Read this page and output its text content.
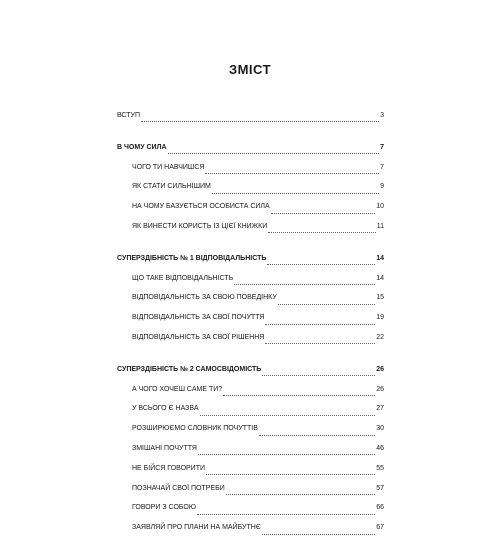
ЗМІСТ
ВСТУП	3
В ЧОМУ СИЛА	7
ЧОГО ТИ НАВЧИШСЯ	7
ЯК СТАТИ СИЛЬНІШИМ	9
НА ЧОМУ БАЗУЄТЬСЯ ОСОБИСТА СИЛА	10
ЯК ВИНЕСТИ КОРИСТЬ ІЗ ЦІЄЇ КНИЖКИ	11
СУПЕРЗДІБНІСТЬ № 1 ВІДПОВІДАЛЬНІСТЬ	14
ЩО ТАКЕ ВІДПОВІДАЛЬНІСТЬ	14
ВІДПОВІДАЛЬНІСТЬ ЗА СВОЮ ПОВЕДІНКУ	15
ВІДПОВІДАЛЬНІСТЬ ЗА СВОЇ ПОЧУТТЯ	19
ВІДПОВІДАЛЬНІСТЬ ЗА СВОЇ РІШЕННЯ	22
СУПЕРЗДІБНІСТЬ № 2 САМОСВІДОМІСТЬ	26
А ЧОГО ХОЧЕШ САМЕ ТИ?	26
У ВСЬОГО Є НАЗВА	27
РОЗШИРЮЄМО СЛОВНИК ПОЧУТТІВ	30
ЗМІШАНІ ПОЧУТТЯ	46
НЕ БІЙСЯ ГОВОРИТИ	55
ПОЗНАЧАЙ СВОЇ ПОТРЕБИ	57
ГОВОРИ З СОБОЮ	66
ЗАЯВЛЯЙ ПРО ПЛАНИ НА МАЙБУТНЄ	67
